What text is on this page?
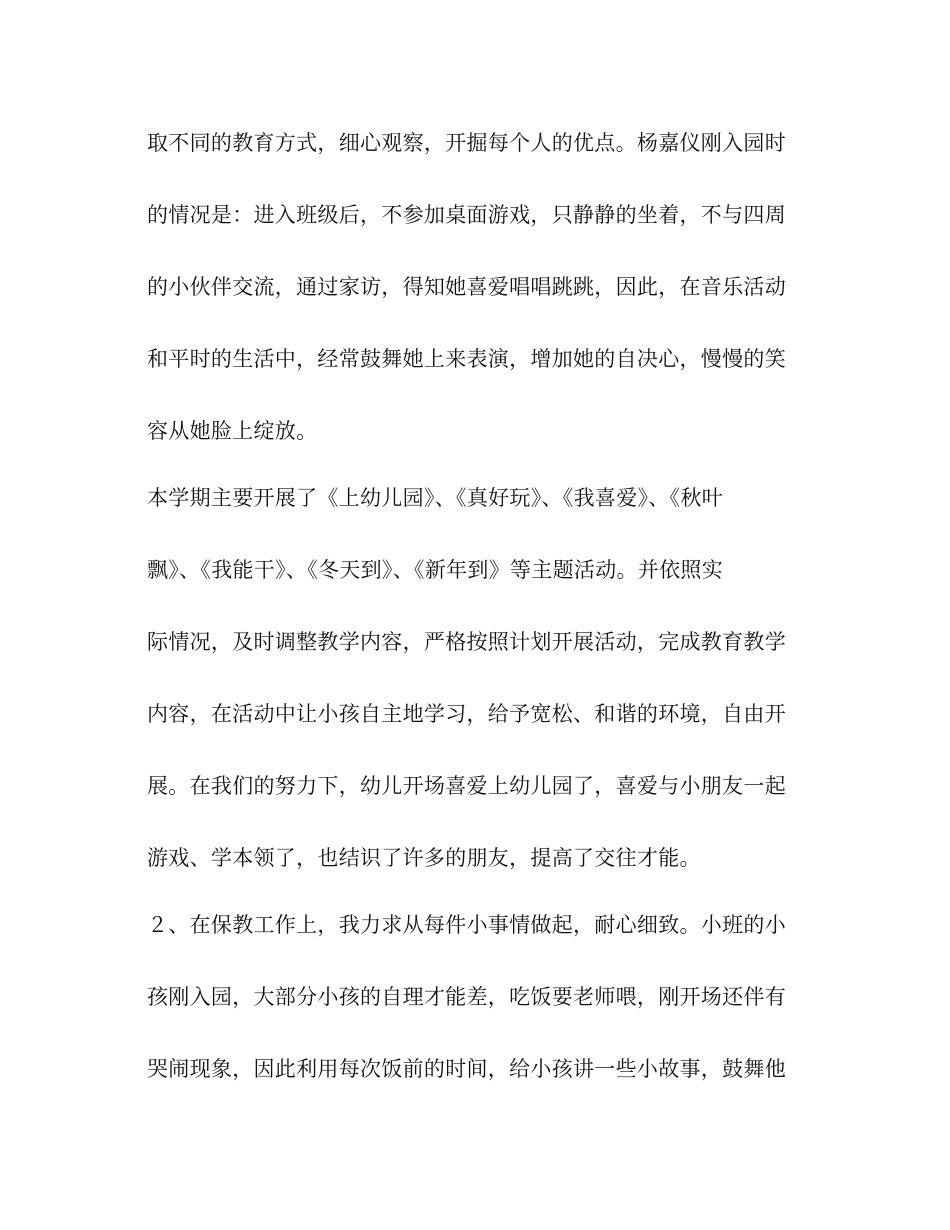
取不同的教育方式，细心观察，开掘每个人的优点。杨嘉仪刚入园时
的情况是：进入班级后，不参加桌面游戏，只静静的坐着，不与四周
的小伙伴交流，通过家访，得知她喜爱唱唱跳跳，因此，在音乐活动
和平时的生活中，经常鼓舞她上来表演，增加她的自决心，慢慢的笑
容从她脸上绽放。
本学期主要开展了《上幼儿园》、《真好玩》、《我喜爱》、《秋叶
飘》、《我能干》、《冬天到》、《新年到》等主题活动。并依照实
际情况，及时调整教学内容，严格按照计划开展活动，完成教育教学
内容，在活动中让小孩自主地学习，给予宽松、和谐的环境，自由开
展。在我们的努力下，幼儿开场喜爱上幼儿园了，喜爱与小朋友一起
游戏、学本领了，也结识了许多的朋友，提高了交往才能。
２、在保教工作上，我力求从每件小事情做起，耐心细致。小班的小
孩刚入园，大部分小孩的自理才能差，吃饭要老师喂，刚开场还伴有
哭闹现象，因此利用每次饭前的时间，给小孩讲一些小故事，鼓舞他
